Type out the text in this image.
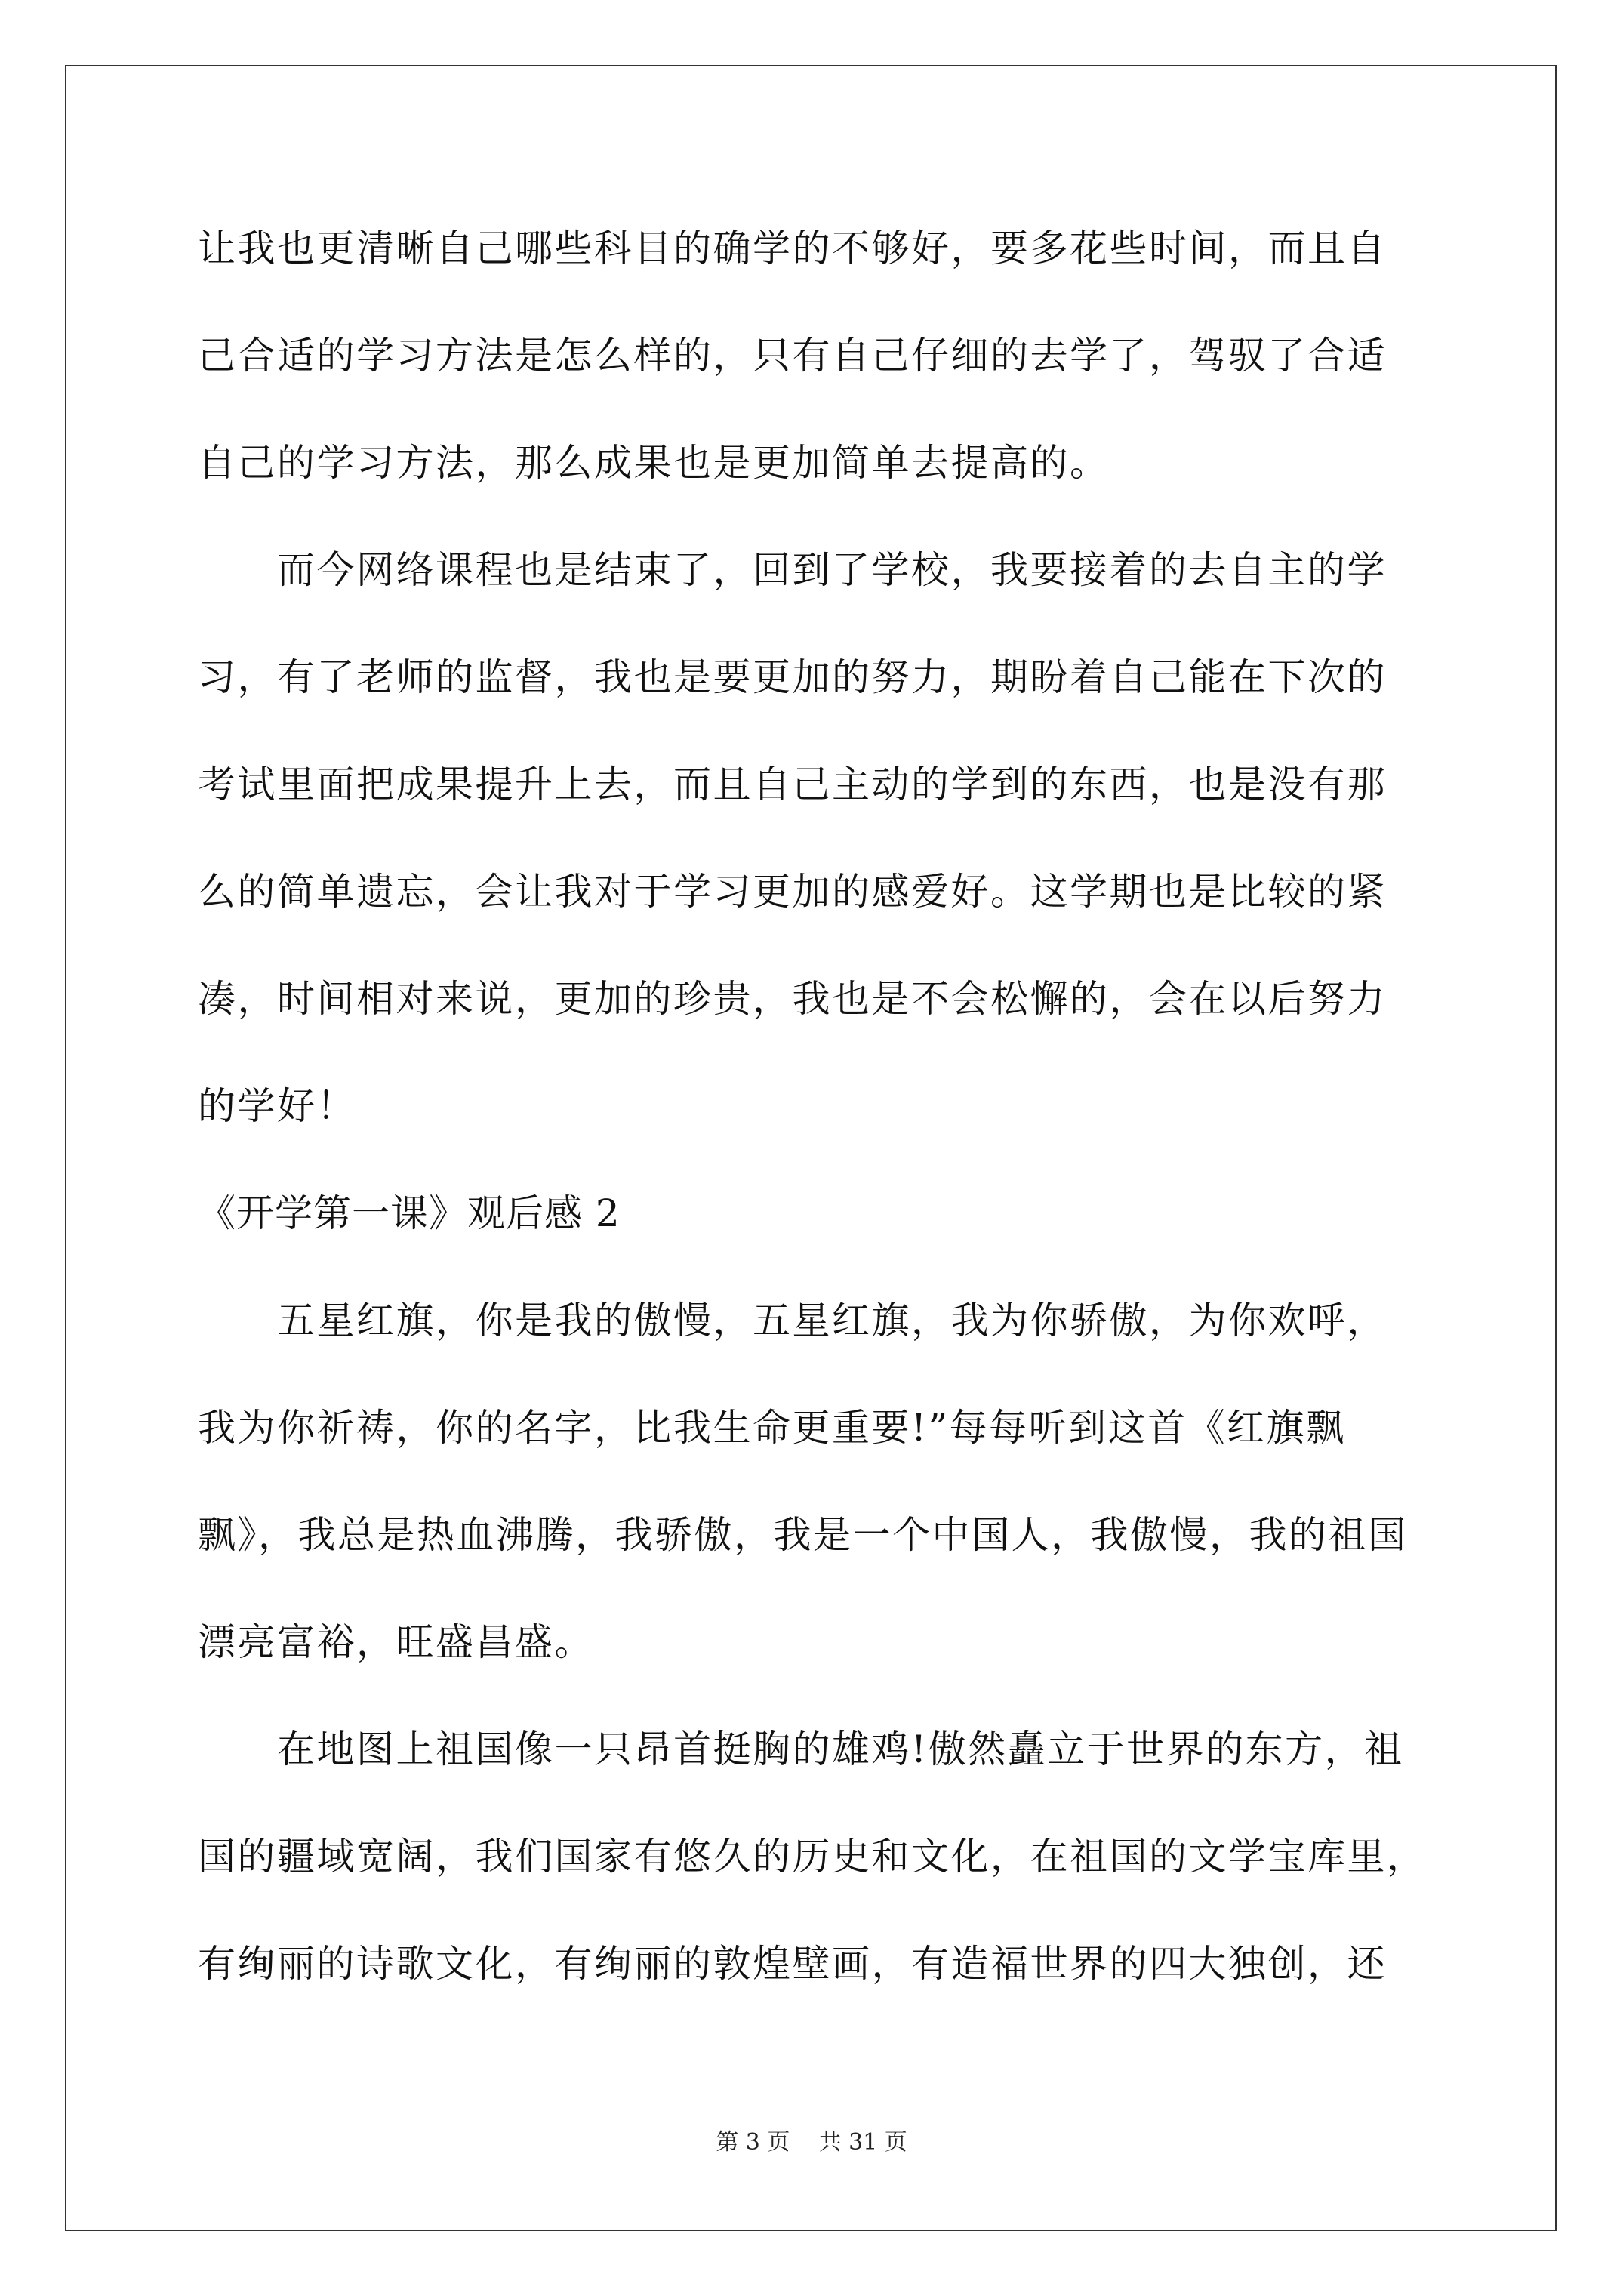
让我也更清晰自己哪些科目的确学的不够好，要多花些时间，而且自
己合适的学习方法是怎么样的，只有自己仔细的去学了，驾驭了合适
自己的学习方法，那么成果也是更加简单去提高的。
　　而今网络课程也是结束了，回到了学校，我要接着的去自主的学
习，有了老师的监督，我也是要更加的努力，期盼着自己能在下次的
考试里面把成果提升上去，而且自己主动的学到的东西，也是没有那
么的简单遗忘，会让我对于学习更加的感爱好。这学期也是比较的紧
凑，时间相对来说，更加的珍贵，我也是不会松懈的，会在以后努力
的学好！
《开学第一课》观后感 2
　　五星红旗，你是我的傲慢，五星红旗，我为你骄傲，为你欢呼，
我为你祈祷，你的名字，比我生命更重要!”每每听到这首《红旗飘
飘》，我总是热血沸腾，我骄傲，我是一个中国人，我傲慢，我的祖国
漂亮富裕，旺盛昌盛。
　　在地图上祖国像一只昂首挺胸的雄鸡!傲然矗立于世界的东方，祖
国的疆域宽阔，我们国家有悠久的历史和文化，在祖国的文学宝库里，
有绚丽的诗歌文化，有绚丽的敦煌壁画，有造福世界的四大独创，还
第 3 页 共 31 页
